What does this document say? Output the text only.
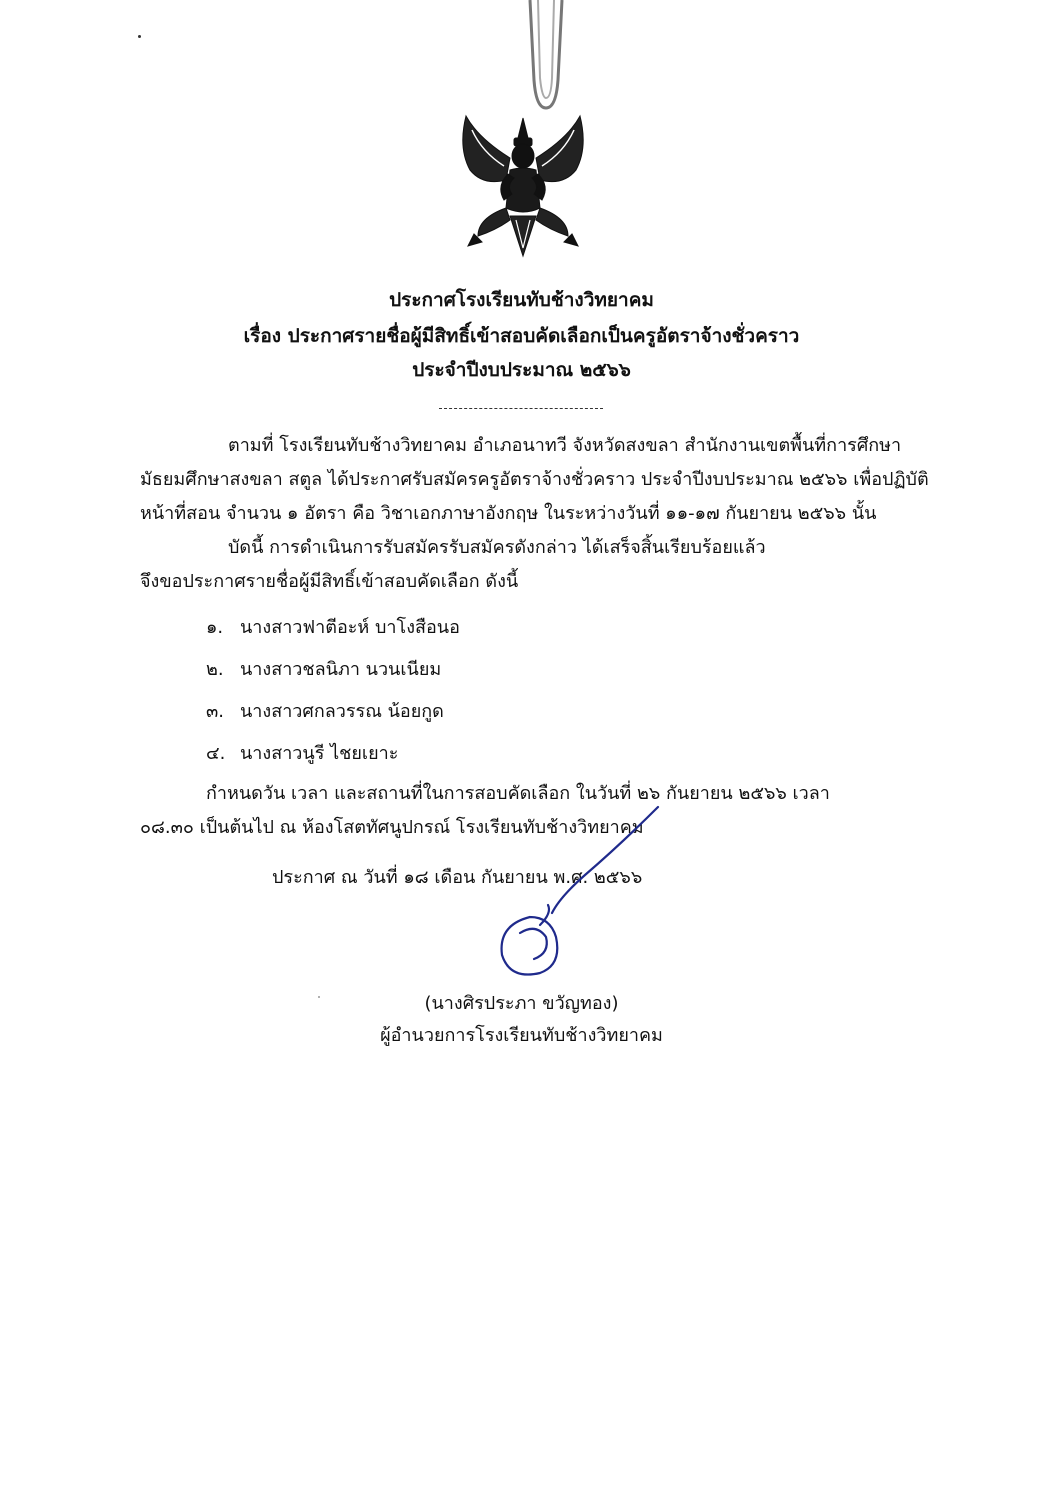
ประกาศโรงเรียนทับช้างวิทยาคม
เรื่อง ประกาศรายชื่อผู้มีสิทธิ์เข้าสอบคัดเลือกเป็นครูอัตราจ้างชั่วคราว
ประจำปีงบประมาณ ๒๕๖๖
ตามที่ โรงเรียนทับช้างวิทยาคม อำเภอนาทวี จังหวัดสงขลา สำนักงานเขตพื้นที่การศึกษา
มัธยมศึกษาสงขลา สตูล ได้ประกาศรับสมัครครูอัตราจ้างชั่วคราว ประจำปีงบประมาณ ๒๕๖๖ เพื่อปฏิบัติ
หน้าที่สอน จำนวน ๑ อัตรา คือ วิชาเอกภาษาอังกฤษ ในระหว่างวันที่ ๑๑-๑๗ กันยายน ๒๕๖๖ นั้น
บัดนี้ การดำเนินการรับสมัครรับสมัครดังกล่าว ได้เสร็จสิ้นเรียบร้อยแล้ว
จึงขอประกาศรายชื่อผู้มีสิทธิ์เข้าสอบคัดเลือก ดังนี้
๑. นางสาวฟาตีอะห์ บาโงสือนอ
๒. นางสาวชลนิภา นวนเนียม
๓. นางสาวศกลวรรณ น้อยกูด
๔. นางสาวนูรี ไชยเยาะ
กำหนดวัน เวลา และสถานที่ในการสอบคัดเลือก ในวันที่ ๒๖ กันยายน ๒๕๖๖ เวลา
๐๘.๓๐ เป็นต้นไป ณ ห้องโสตทัศนูปกรณ์ โรงเรียนทับช้างวิทยาคม
ประกาศ ณ วันที่ ๑๘ เดือน กันยายน พ.ศ. ๒๕๖๖
(นางศิรประภา ขวัญทอง)
ผู้อำนวยการโรงเรียนทับช้างวิทยาคม
